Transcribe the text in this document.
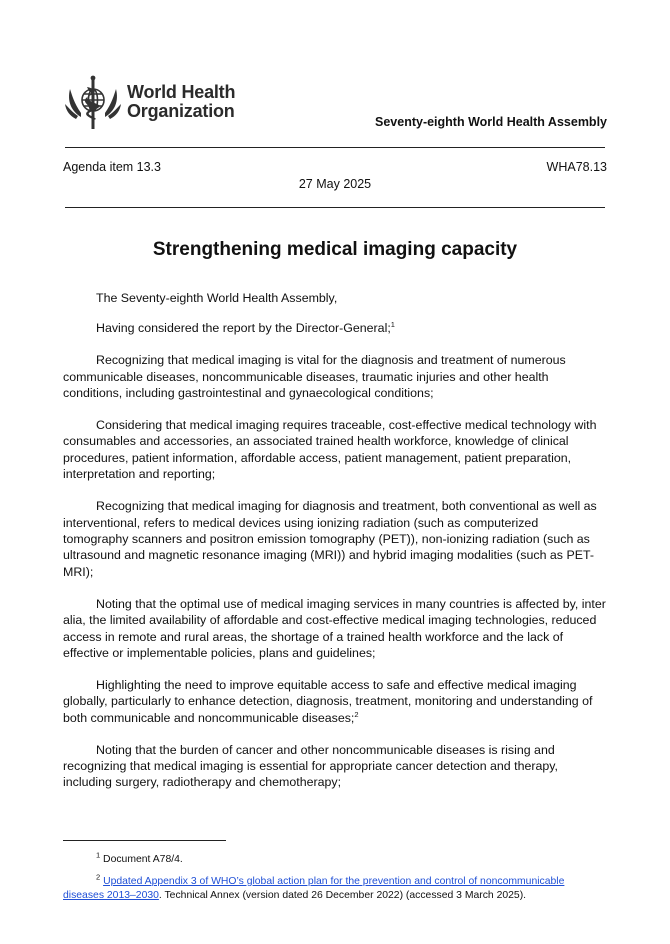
World Health
Organization
Seventy-eighth World Health Assembly
Agenda item 13.3	WHA78.13
27 May 2025
Strengthening medical imaging capacity

The Seventy-eighth World Health Assembly,

Having considered the report by the Director-General;$^1$

Recognizing that medical imaging is vital for the diagnosis and treatment of numerous communicable diseases, noncommunicable diseases, traumatic injuries and other health conditions, including gastrointestinal and gynaecological conditions;

Considering that medical imaging requires traceable, cost-effective medical technology with consumables and accessories, an associated trained health workforce, knowledge of clinical procedures, patient information, affordable access, patient management, patient preparation, interpretation and reporting;

Recognizing that medical imaging for diagnosis and treatment, both conventional as well as interventional, refers to medical devices using ionizing radiation (such as computerized tomography scanners and positron emission tomography (PET)), non-ionizing radiation (such as ultrasound and magnetic resonance imaging (MRI)) and hybrid imaging modalities (such as PET-MRI);

Noting that the optimal use of medical imaging services in many countries is affected by, inter alia, the limited availability of affordable and cost-effective medical imaging technologies, reduced access in remote and rural areas, the shortage of a trained health workforce and the lack of effective or implementable policies, plans and guidelines;

Highlighting the need to improve equitable access to safe and effective medical imaging globally, particularly to enhance detection, diagnosis, treatment, monitoring and understanding of both communicable and noncommunicable diseases;$^2$

Noting that the burden of cancer and other noncommunicable diseases is rising and recognizing that medical imaging is essential for appropriate cancer detection and therapy, including surgery, radiotherapy and chemotherapy;

$^1$ Document A78/4.

$^2$ Updated Appendix 3 of WHO’s global action plan for the prevention and control of noncommunicable diseases 2013–2030. Technical Annex (version dated 26 December 2022) (accessed 3 March 2025).
